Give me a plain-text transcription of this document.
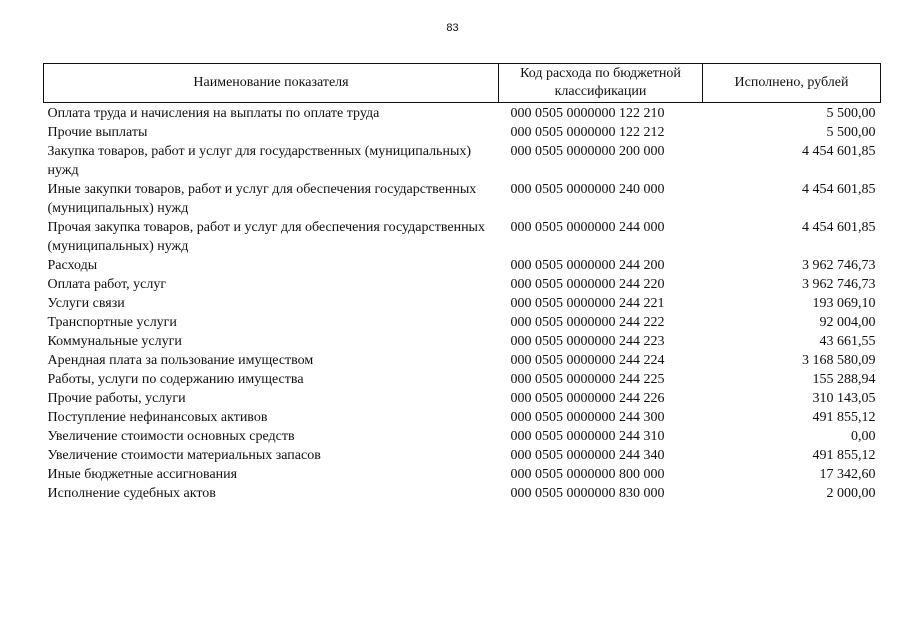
83
Наименование показателя	Код расхода по бюджетной классификации	Исполнено, рублей
Оплата труда и начисления на выплаты по оплате труда	000 0505 0000000 122 210	5 500,00
Прочие выплаты	000 0505 0000000 122 212	5 500,00
Закупка товаров, работ и услуг для государственных (муниципальных) нужд	000 0505 0000000 200 000	4 454 601,85
Иные закупки товаров, работ и услуг для обеспечения государственных (муниципальных) нужд	000 0505 0000000 240 000	4 454 601,85
Прочая закупка товаров, работ и услуг для обеспечения государственных (муниципальных) нужд	000 0505 0000000 244 000	4 454 601,85
Расходы	000 0505 0000000 244 200	3 962 746,73
Оплата работ, услуг	000 0505 0000000 244 220	3 962 746,73
Услуги связи	000 0505 0000000 244 221	193 069,10
Транспортные услуги	000 0505 0000000 244 222	92 004,00
Коммунальные услуги	000 0505 0000000 244 223	43 661,55
Арендная плата за пользование имуществом	000 0505 0000000 244 224	3 168 580,09
Работы, услуги по содержанию имущества	000 0505 0000000 244 225	155 288,94
Прочие работы, услуги	000 0505 0000000 244 226	310 143,05
Поступление нефинансовых активов	000 0505 0000000 244 300	491 855,12
Увеличение стоимости основных средств	000 0505 0000000 244 310	0,00
Увеличение стоимости материальных запасов	000 0505 0000000 244 340	491 855,12
Иные бюджетные ассигнования	000 0505 0000000 800 000	17 342,60
Исполнение судебных актов	000 0505 0000000 830 000	2 000,00
